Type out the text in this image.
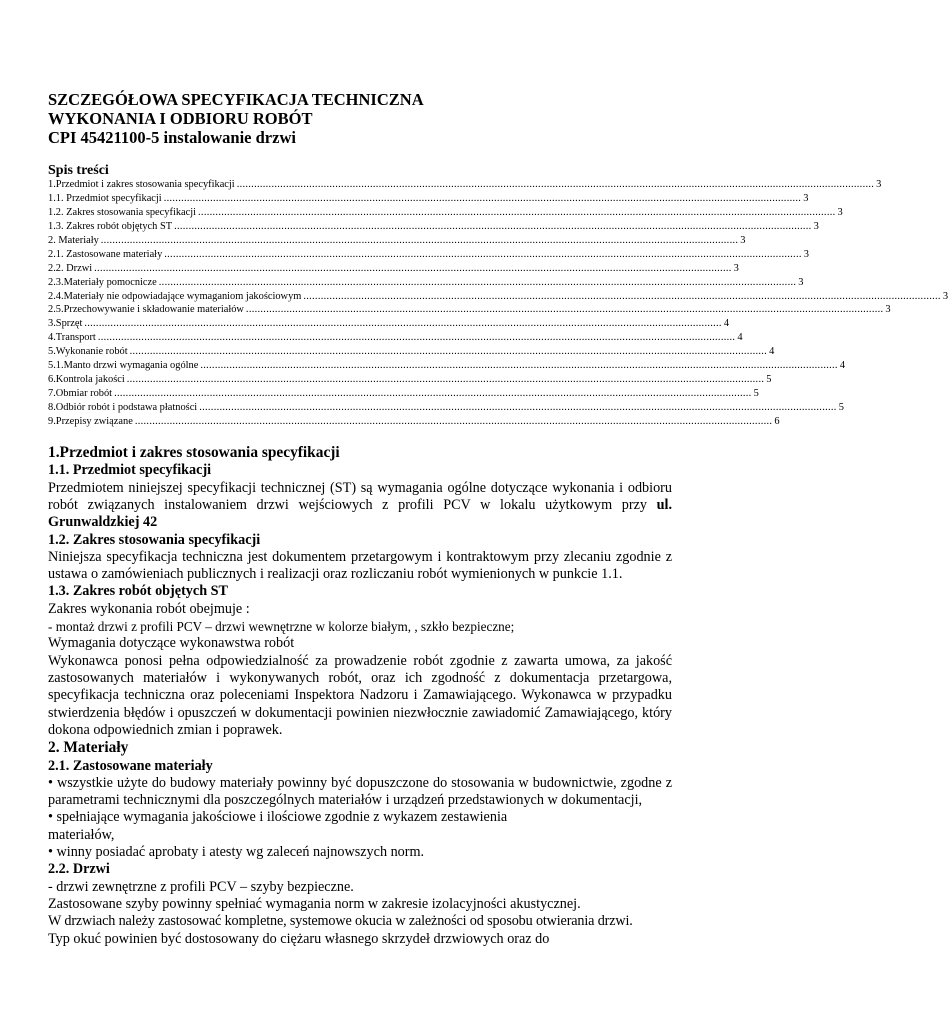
SZCZEGÓŁOWA SPECYFIKACJA TECHNICZNA
WYKONANIA I ODBIORU ROBÓT
CPI 45421100-5 instalowanie drzwi
Spis treści
1.Przedmiot i zakres stosowania specyfikacji ............................................................................................................................................................................................................................ 3
1.1. Przedmiot specyfikacji ............................................................................................................................................................................................................................ 3
1.2. Zakres stosowania specyfikacji ............................................................................................................................................................................................................................ 3
1.3. Zakres robót objętych ST ............................................................................................................................................................................................................................ 3
2. Materiały ............................................................................................................................................................................................................................ 3
2.1. Zastosowane materiały ............................................................................................................................................................................................................................ 3
2.2. Drzwi ............................................................................................................................................................................................................................ 3
2.3.Materiały pomocnicze ............................................................................................................................................................................................................................ 3
2.4.Materiały nie odpowiadające wymaganiom jakościowym ............................................................................................................................................................................................................................ 3
2.5.Przechowywanie i składowanie materiałów ............................................................................................................................................................................................................................ 3
3.Sprzęt ............................................................................................................................................................................................................................ 4
4.Transport ............................................................................................................................................................................................................................ 4
5.Wykonanie robót ............................................................................................................................................................................................................................ 4
5.1.Manto drzwi wymagania ogólne ............................................................................................................................................................................................................................ 4
6.Kontrola jakości ............................................................................................................................................................................................................................ 5
7.Obmiar robót ............................................................................................................................................................................................................................ 5
8.Odbiór robót i podstawa płatności ............................................................................................................................................................................................................................ 5
9.Przepisy związane ............................................................................................................................................................................................................................ 6
1.Przedmiot i zakres stosowania specyfikacji
1.1. Przedmiot specyfikacji

Przedmiotem niniejszej specyfikacji technicznej (ST) są wymagania ogólne dotyczące wykonania i odbioru robót związanych instalowaniem drzwi wejściowych z profili PCV w lokalu użytkowym przy ul. Grunwaldzkiej 42

1.2. Zakres stosowania specyfikacji

Niniejsza specyfikacja techniczna jest dokumentem przetargowym i kontraktowym przy zlecaniu zgodnie z ustawa o zamówieniach publicznych i realizacji oraz rozliczaniu robót wymienionych w punkcie 1.1.

1.3. Zakres robót objętych ST

Zakres wykonania robót obejmuje :

- montaż drzwi z profili PCV – drzwi wewnętrzne w kolorze białym, , szkło bezpieczne;

Wymagania dotyczące wykonawstwa robót

Wykonawca ponosi pełna odpowiedzialność za prowadzenie robót zgodnie z zawarta umowa, za jakość zastosowanych materiałów i wykonywanych robót, oraz ich zgodność z dokumentacja przetargowa, specyfikacja techniczna oraz poleceniami Inspektora Nadzoru i Zamawiającego. Wykonawca w przypadku stwierdzenia błędów i opuszczeń w dokumentacji powinien niezwłocznie zawiadomić Zamawiającego, który dokona odpowiednich zmian i poprawek.

2. Materiały
2.1. Zastosowane materiały

• wszystkie użyte do budowy materiały powinny być dopuszczone do stosowania w budownictwie, zgodne z parametrami technicznymi dla poszczególnych materiałów i urządzeń przedstawionych w dokumentacji,

• spełniające wymagania jakościowe i ilościowe zgodnie z wykazem zestawienia

materiałów,

• winny posiadać aprobaty i atesty wg zaleceń najnowszych norm.

2.2. Drzwi

- drzwi zewnętrzne z profili PCV – szyby bezpieczne.

Zastosowane szyby powinny spełniać wymagania norm w zakresie izolacyjności akustycznej.

W drzwiach należy zastosować kompletne, systemowe okucia w zależności od sposobu otwierania drzwi.

Typ okuć powinien być dostosowany do ciężaru własnego skrzydeł drzwiowych oraz do
